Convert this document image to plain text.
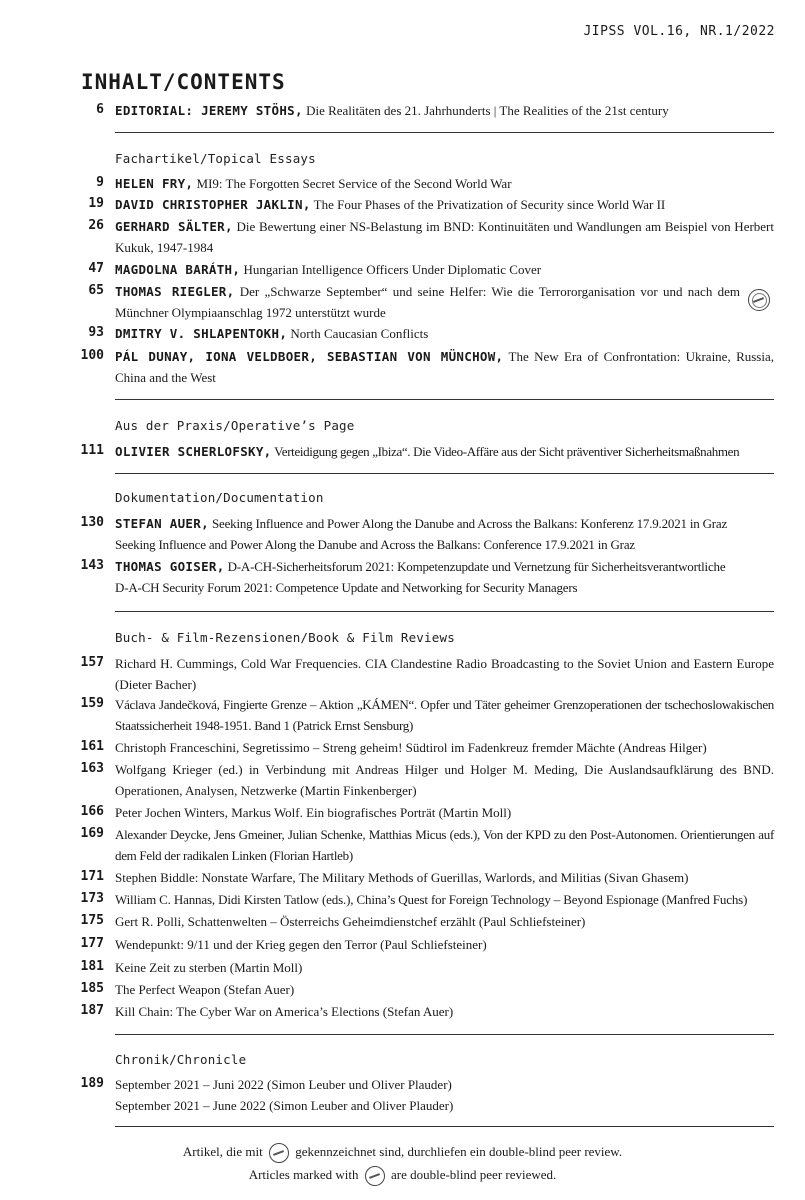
JIPSS VOL.16, NR.1/2022
INHALT/CONTENTS
6 EDITORIAL: JEREMY STÖHS, Die Realitäten des 21. Jahrhunderts | The Realities of the 21st century
Fachartikel/Topical Essays
9 HELEN FRY, MI9: The Forgotten Secret Service of the Second World War
19 DAVID CHRISTOPHER JAKLIN, The Four Phases of the Privatization of Security since World War II
26 GERHARD SÄLTER, Die Bewertung einer NS-Belastung im BND: Kontinuitäten und Wandlungen am Beispiel von Herbert Kukuk, 1947-1984
47 MAGDOLNA BARÁTH, Hungarian Intelligence Officers Under Diplomatic Cover
65 THOMAS RIEGLER, Der „Schwarze September“ und seine Helfer: Wie die Terrororganisation vor und nach dem Münchner Olympiaanschlag 1972 unterstützt wurde
93 DMITRY V. SHLAPENTOKH, North Caucasian Conflicts
100 PÁL DUNAY, IONA VELDBOER, SEBASTIAN VON MÜNCHOW, The New Era of Confrontation: Ukraine, Russia, China and the West
Aus der Praxis/Operative’s Page
111 OLIVIER SCHERLOFSKY, Verteidigung gegen „Ibiza“. Die Video-Affäre aus der Sicht präventiver Sicherheitsmaßnahmen
Dokumentation/Documentation
130 STEFAN AUER, Seeking Influence and Power Along the Danube and Across the Balkans: Konferenz 17.9.2021 in Graz
Seeking Influence and Power Along the Danube and Across the Balkans: Conference 17.9.2021 in Graz
143 THOMAS GOISER, D-A-CH-Sicherheitsforum 2021: Kompetenzupdate und Vernetzung für Sicherheitsverantwortliche
D-A-CH Security Forum 2021: Competence Update and Networking for Security Managers
Buch- & Film-Rezensionen/Book & Film Reviews
157 Richard H. Cummings, Cold War Frequencies. CIA Clandestine Radio Broadcasting to the Soviet Union and Eastern Europe (Dieter Bacher)
159 Václava Jandečková, Fingierte Grenze – Aktion „KÁMEN“. Opfer und Täter geheimer Grenzoperationen der tschechoslowakischen Staatssicherheit 1948-1951. Band 1 (Patrick Ernst Sensburg)
161 Christoph Franceschini, Segretissimo – Streng geheim! Südtirol im Fadenkreuz fremder Mächte (Andreas Hilger)
163 Wolfgang Krieger (ed.) in Verbindung mit Andreas Hilger und Holger M. Meding, Die Auslandsaufklärung des BND. Operationen, Analysen, Netzwerke (Martin Finkenberger)
166 Peter Jochen Winters, Markus Wolf. Ein biografisches Porträt (Martin Moll)
169 Alexander Deycke, Jens Gmeiner, Julian Schenke, Matthias Micus (eds.), Von der KPD zu den Post-Autonomen. Orientierungen auf dem Feld der radikalen Linken (Florian Hartleb)
171 Stephen Biddle: Nonstate Warfare, The Military Methods of Guerillas, Warlords, and Militias (Sivan Ghasem)
173 William C. Hannas, Didi Kirsten Tatlow (eds.), China’s Quest for Foreign Technology – Beyond Espionage (Manfred Fuchs)
175 Gert R. Polli, Schattenwelten – Österreichs Geheimdienstchef erzählt (Paul Schliefsteiner)
177 Wendepunkt: 9/11 und der Krieg gegen den Terror (Paul Schliefsteiner)
181 Keine Zeit zu sterben (Martin Moll)
185 The Perfect Weapon (Stefan Auer)
187 Kill Chain: The Cyber War on America’s Elections (Stefan Auer)
Chronik/Chronicle
189 September 2021 – Juni 2022 (Simon Leuber und Oliver Plauder)
September 2021 – June 2022 (Simon Leuber and Oliver Plauder)
Artikel, die mit	gekennzeichnet sind, durchliefen ein double-blind peer review.
Articles marked with	are double-blind peer reviewed.
